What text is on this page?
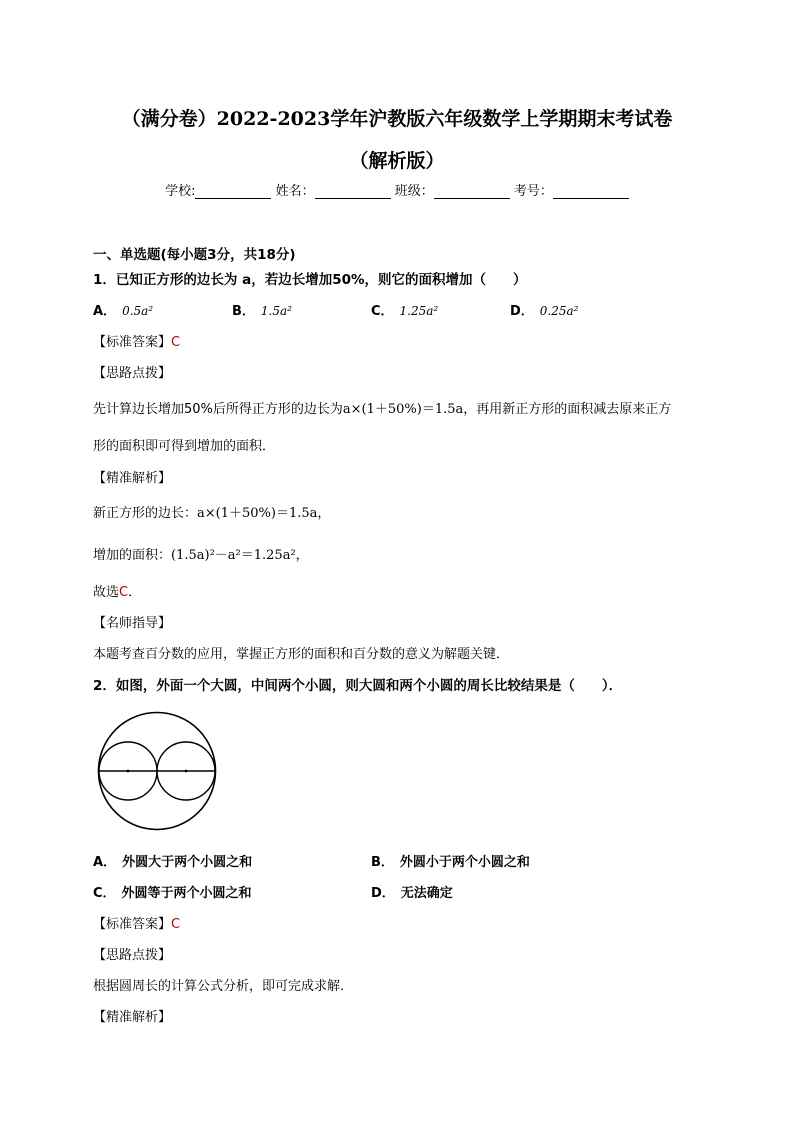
（满分卷）2022-2023学年沪教版六年级数学上学期期末考试卷
（解析版）
学校:	姓名：	班级：	考号：
一、单选题(每小题3分，共18分)
1．已知正方形的边长为 a，若边长增加50%，则它的面积增加（　　）
A． 0.5a²	B． 1.5a²	C． 1.25a²	D． 0.25a²
【标准答案】C
【思路点拨】
先计算边长增加50%后所得正方形的边长为a×(1＋50%)＝1.5a，再用新正方形的面积减去原来正方
形的面积即可得到增加的面积．
【精准解析】
新正方形的边长：a×(1＋50%)＝1.5a，
增加的面积：(1.5a)²－a²＝1.25a²，
故选C．
【名师指导】
本题考查百分数的应用，掌握正方形的面积和百分数的意义为解题关键．
2．如图，外面一个大圆，中间两个小圆，则大圆和两个小圆的周长比较结果是（　　）．
A． 外圆大于两个小圆之和	B． 外圆小于两个小圆之和
C． 外圆等于两个小圆之和	D． 无法确定
【标准答案】C
【思路点拨】
根据圆周长的计算公式分析，即可完成求解．
【精准解析】
